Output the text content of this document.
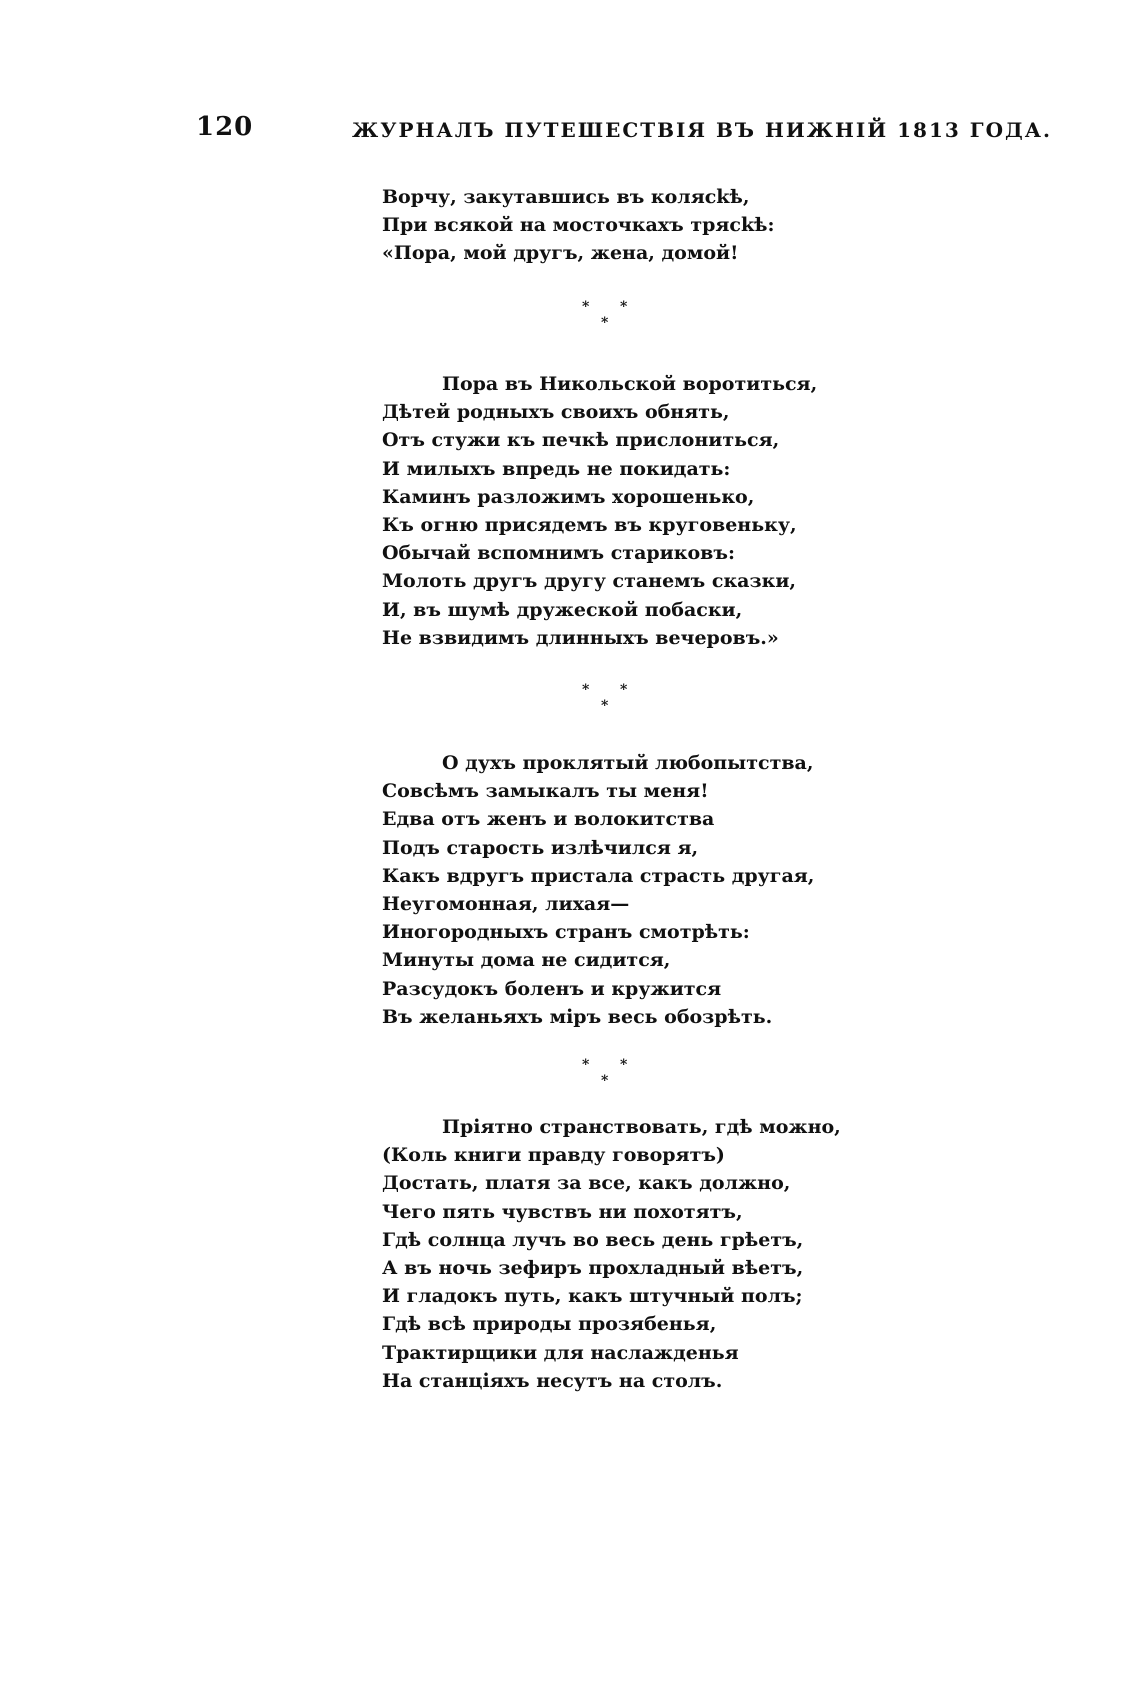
120	ЖУРНАЛЪ ПУТЕШЕСТВІЯ ВЪ НИЖНІЙ 1813 ГОДА.
Ворчу, закутавшись въ колясkѣ,
При всякой на мосточкахъ трясkѣ:
«Пора, мой другъ, жена, домой!
* *
*
Пора въ Никольской воротиться,
Дѣтей родныхъ своихъ обнять,
Отъ стужи къ печкѣ прислониться,
И милыхъ впредь не покидать:
Каминъ разложимъ хорошенько,
Къ огню присядемъ въ круговеньку,
Обычай вспомнимъ стариковъ:
Молоть другъ другу станемъ сказки,
И, въ шумѣ дружеской побаски,
Не взвидимъ длинныхъ вечеровъ.»
* *
*
О духъ проклятый любопытства,
Совсѣмъ замыкалъ ты меня!
Едва отъ женъ и волокитства
Подъ старость излѣчился я,
Какъ вдругъ пристала страсть другая,
Неугомонная, лихая—
Иногородныхъ странъ смотрѣть:
Минуты дома не сидится,
Разсудокъ боленъ и кружится
Въ желаньяхъ міръ весь обозрѣть.
* *
*
Пріятно странствовать, гдѣ можно,
(Коль книги правду говорятъ)
Достать, платя за все, какъ должно,
Чего пять чувствъ ни похотятъ,
Гдѣ солнца лучъ во весь день грѣетъ,
А въ ночь зефиръ прохладный вѣетъ,
И гладокъ путь, какъ штучный полъ;
Гдѣ всѣ природы прозябенья,
Трактирщики для наслажденья
На станціяхъ несутъ на столъ.
